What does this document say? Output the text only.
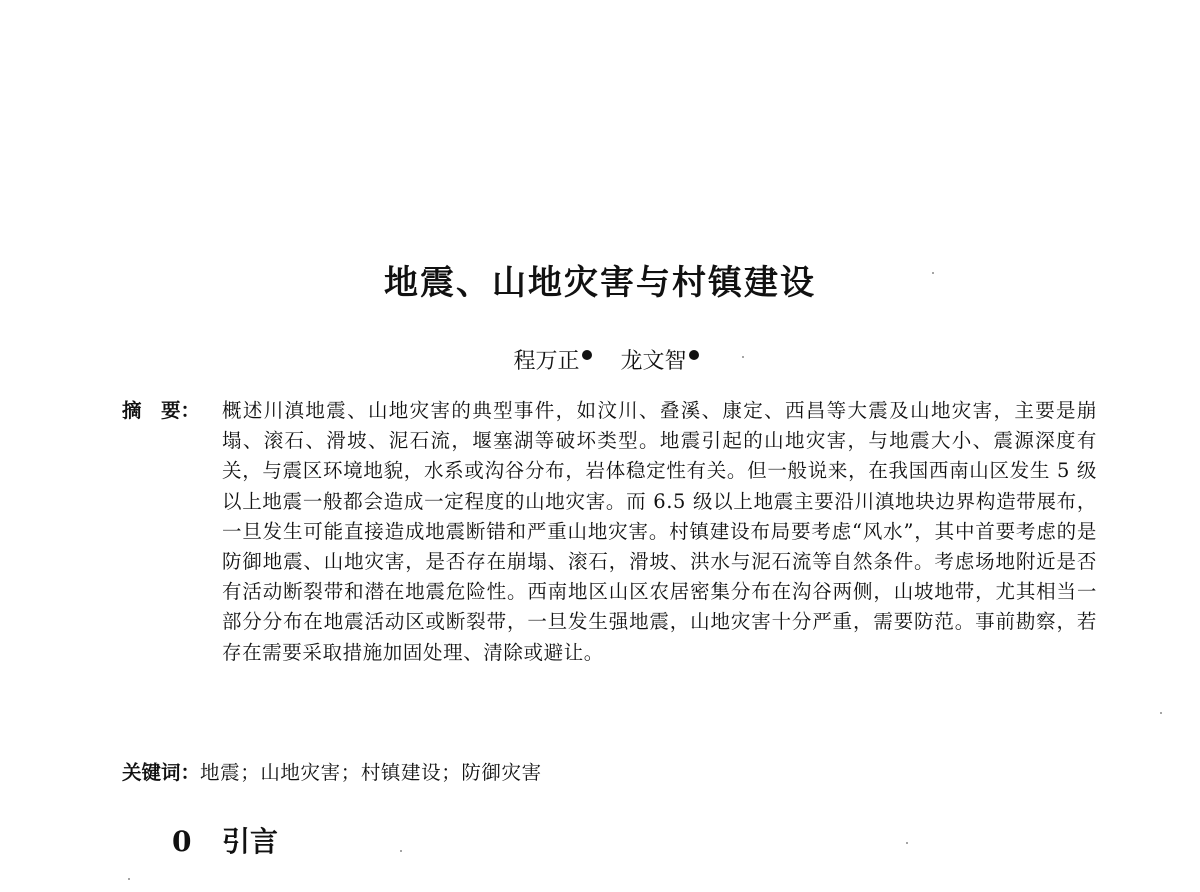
地震、山地灾害与村镇建设
程万正 龙文智
摘　要：	概述川滇地震、山地灾害的典型事件，如汶川、叠溪、康定、西昌等大震及山地灾害，主要是崩塌、滚石、滑坡、泥石流，堰塞湖等破坏类型。地震引起的山地灾害，与地震大小、震源深度有关，与震区环境地貌，水系或沟谷分布，岩体稳定性有关。但一般说来，在我国西南山区发生 5 级以上地震一般都会造成一定程度的山地灾害。而 6.5 级以上地震主要沿川滇地块边界构造带展布，一旦发生可能直接造成地震断错和严重山地灾害。村镇建设布局要考虑“风水”，其中首要考虑的是防御地震、山地灾害，是否存在崩塌、滚石，滑坡、洪水与泥石流等自然条件。考虑场地附近是否有活动断裂带和潜在地震危险性。西南地区山区农居密集分布在沟谷两侧，山坡地带，尤其相当一部分分布在地震活动区或断裂带，一旦发生强地震，山地灾害十分严重，需要防范。事前勘察，若存在需要采取措施加固处理、清除或避让。
关键词：地震；山地灾害；村镇建设；防御灾害
0 引言
